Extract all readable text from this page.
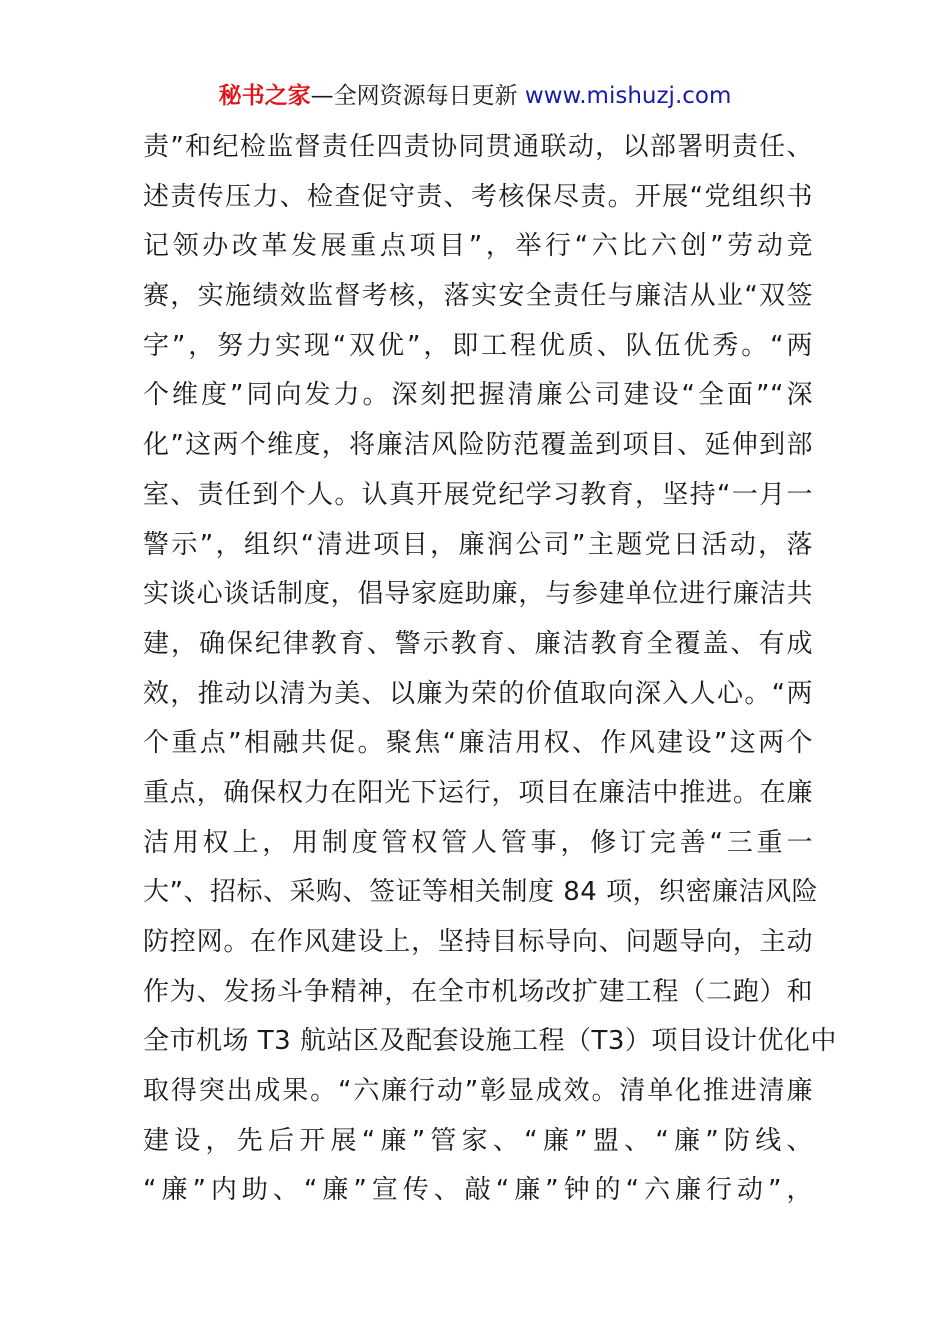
秘书之家—全网资源每日更新 www.mishuzj.com
责”和纪检监督责任四责协同贯通联动，以部署明责任、
述责传压力、检查促守责、考核保尽责。开展“党组织书
记领办改革发展重点项目”，举行“六比六创”劳动竞
赛，实施绩效监督考核，落实安全责任与廉洁从业“双签
字”，努力实现“双优”，即工程优质、队伍优秀。“两
个维度”同向发力。深刻把握清廉公司建设“全面”“深
化”这两个维度，将廉洁风险防范覆盖到项目、延伸到部
室、责任到个人。认真开展党纪学习教育，坚持“一月一
警示”，组织“清进项目，廉润公司”主题党日活动，落
实谈心谈话制度，倡导家庭助廉，与参建单位进行廉洁共
建，确保纪律教育、警示教育、廉洁教育全覆盖、有成
效，推动以清为美、以廉为荣的价值取向深入人心。“两
个重点”相融共促。聚焦“廉洁用权、作风建设”这两个
重点，确保权力在阳光下运行，项目在廉洁中推进。在廉
洁用权上，用制度管权管人管事，修订完善“三重一
大”、招标、采购、签证等相关制度 84 项，织密廉洁风险
防控网。在作风建设上，坚持目标导向、问题导向，主动
作为、发扬斗争精神，在全市机场改扩建工程（二跑）和
全市机场 T3 航站区及配套设施工程（T3）项目设计优化中
取得突出成果。“六廉行动”彰显成效。清单化推进清廉
建设，先后开展“廉”管家、“廉”盟、“廉”防线、
“廉”内助、“廉”宣传、敲“廉”钟的“六廉行动”，
